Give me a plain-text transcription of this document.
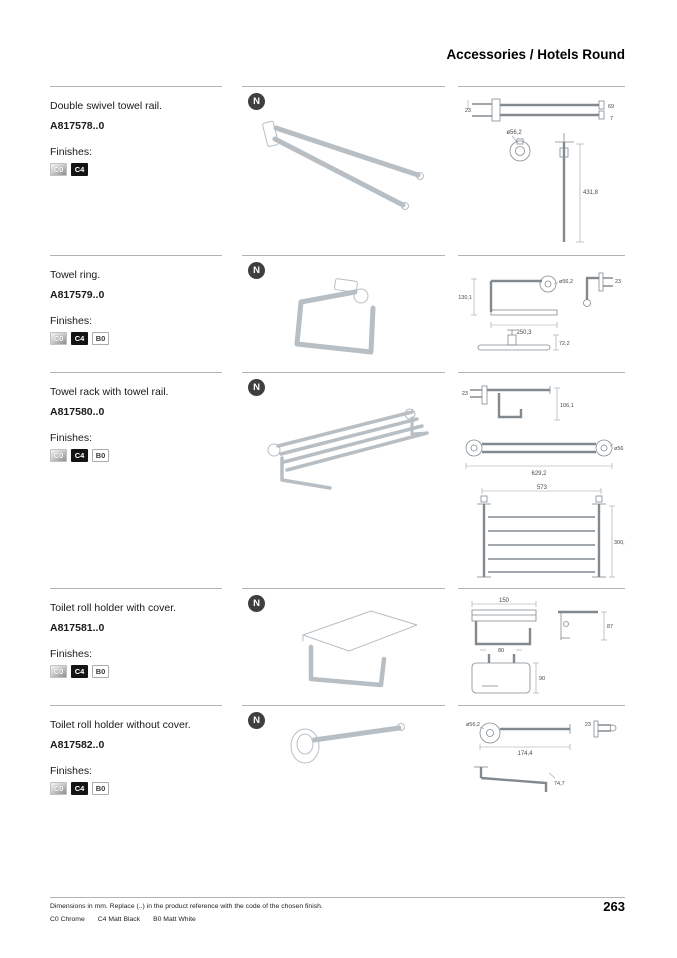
Accessories / Hotels Round
Double swivel towel rail.
A817578..0
Finishes:
C0	C4
N
23
69
7
ø56,2
431,8
Towel ring.
A817579..0
Finishes:
C0	C4	B0
N
130,1
ø56,2
250,3
23
72,2
Towel rack with towel rail.
A817580..0
Finishes:
C0	C4	B0
N
23
106,1
ø56
629,2
573
300,
Toilet roll holder with cover.
A817581..0
Finishes:
C0	C4	B0
N	150
87
80
90
Toilet roll holder without cover.
A817582..0
Finishes:
C0	C4	B0
N	ø56,2
174,4
23
74,7
Dimensions in mm. Replace (..) in the product reference with the code of the chosen finish.
C0 Chrome C4 Matt Black B0 Matt White
263
